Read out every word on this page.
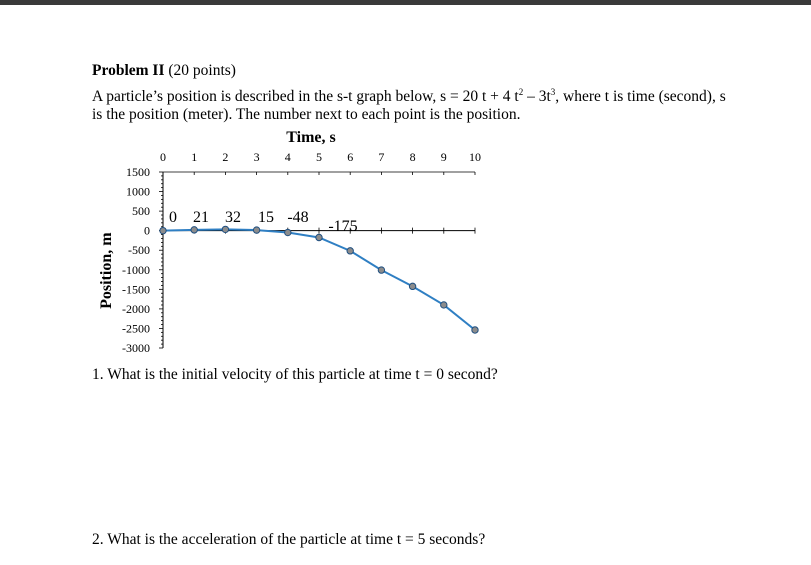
Problem II (20 points)
A particle’s position is described in the s-t graph below, s = 20 t + 4 $t^2 - 3t^3$, where t is time (second), s is the position (meter). The number next to each point is the position.
Time, s
0 1 2 3 4 5 6 7 8 9 10
1500
1000
500
0
-500
-1000
-1500
-2000
-2500
-3000
Position, m
0 21 32 15 -48
-175
1. What is the initial velocity of this particle at time t = 0 second?
2. What is the acceleration of the particle at time t = 5 seconds?
